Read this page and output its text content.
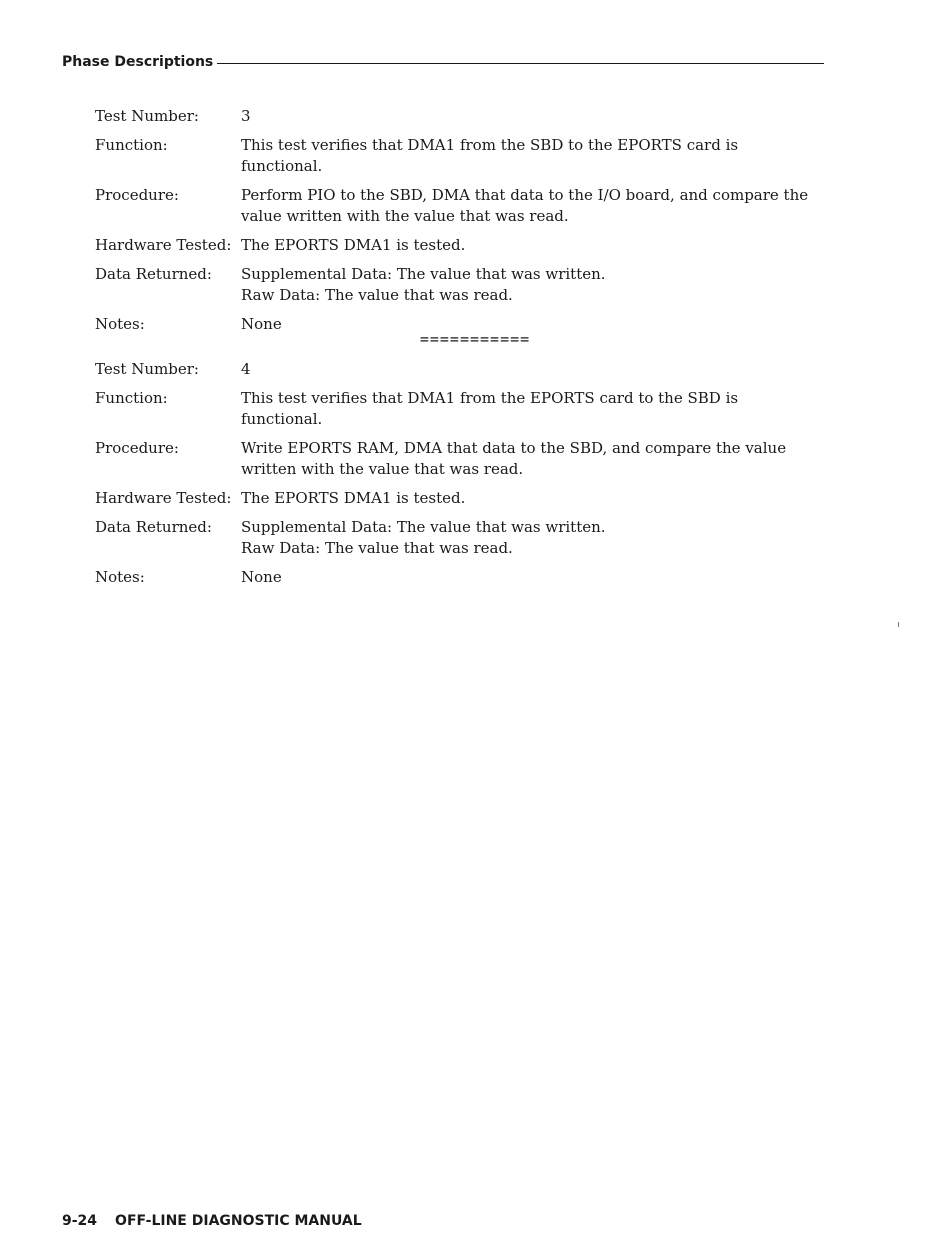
Phase Descriptions
Test Number:	3
Function:	This test verifies that DMA1 from the SBD to the EPORTS card is functional.
Procedure:	Perform PIO to the SBD, DMA that data to the I/O board, and compare the
value written with the value that was read.
Hardware Tested: The EPORTS DMA1 is tested.
Data Returned:	Supplemental Data: The value that was written.
Raw Data: The value that was read.
Notes:	None
===========
Test Number:	4
Function:	This test verifies that DMA1 from the EPORTS card to the SBD is functional.
Procedure:	Write EPORTS RAM, DMA that data to the SBD, and compare the value
written with the value that was read.
Hardware Tested: The EPORTS DMA1 is tested.
Data Returned:	Supplemental Data: The value that was written.
Raw Data: The value that was read.
Notes:	None
9-24 OFF-LINE DIAGNOSTIC MANUAL
